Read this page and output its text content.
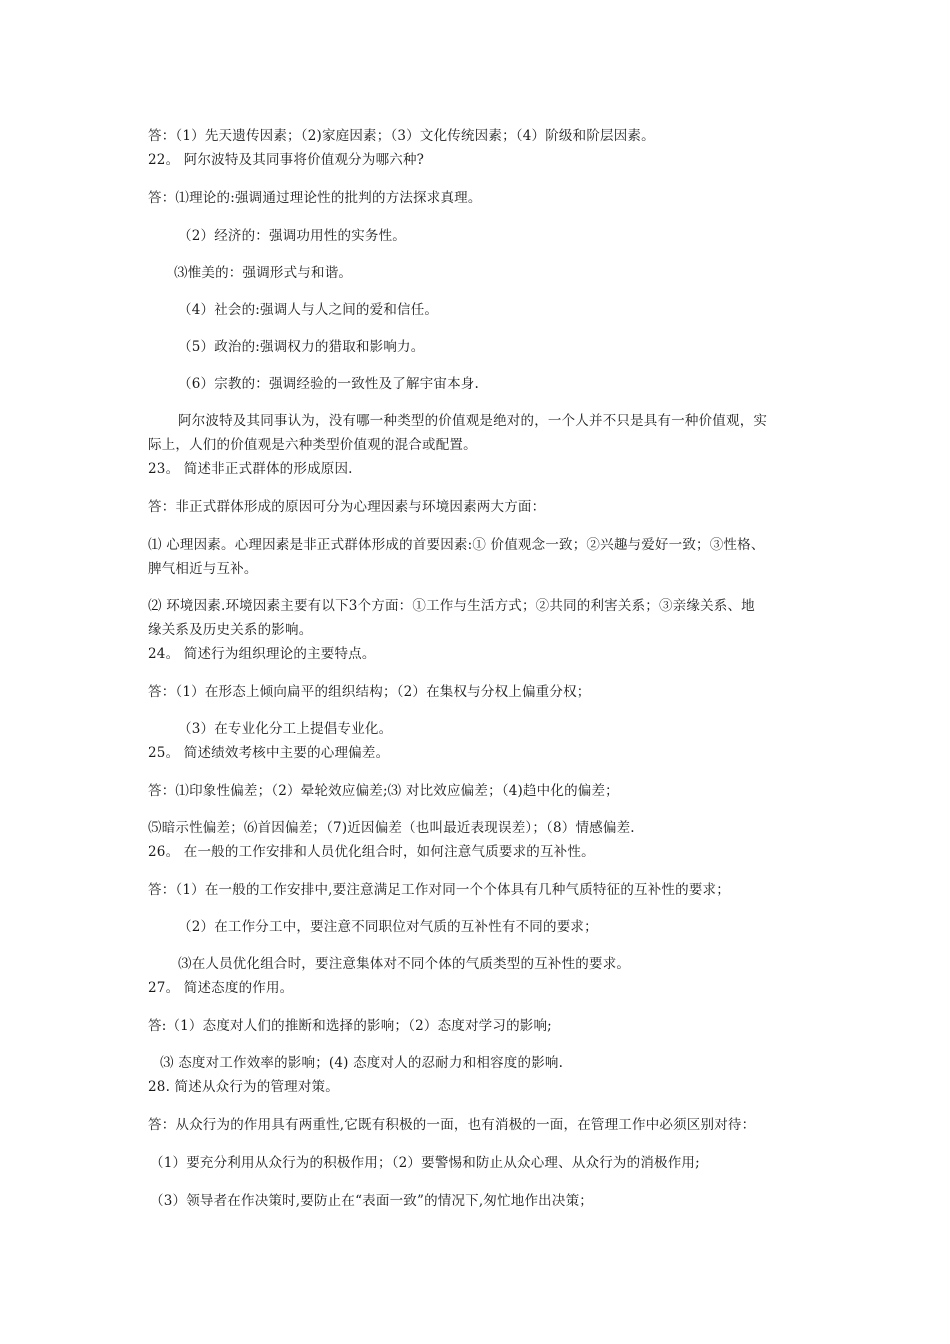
答：（1）先天遗传因素；（2)家庭因素；（3）文化传统因素；（4）阶级和阶层因素。
22。 阿尔波特及其同事将价值观分为哪六种?
答：⑴理论的:强调通过理论性的批判的方法探求真理。
（2）经济的：强调功用性的实务性。
⑶惟美的：强调形式与和谐。
（4）社会的:强调人与人之间的爱和信任。
（5）政治的:强调权力的猎取和影响力。
（6）宗教的：强调经验的一致性及了解宇宙本身.
阿尔波特及其同事认为，没有哪一种类型的价值观是绝对的，一个人并不只是具有一种价值观，实
际上，人们的价值观是六种类型价值观的混合或配置。
23。 简述非正式群体的形成原因.
答：非正式群体形成的原因可分为心理因素与环境因素两大方面：
⑴ 心理因素。心理因素是非正式群体形成的首要因素:① 价值观念一致；②兴趣与爱好一致；③性格、
脾气相近与互补。
⑵ 环境因素.环境因素主要有以下3个方面：①工作与生活方式；②共同的利害关系；③亲缘关系、地
缘关系及历史关系的影响。
24。 简述行为组织理论的主要特点。
答：（1）在形态上倾向扁平的组织结构；（2）在集权与分权上偏重分权；
（3）在专业化分工上提倡专业化。
25。 简述绩效考核中主要的心理偏差。
答：⑴印象性偏差；（2）晕轮效应偏差;⑶ 对比效应偏差；（4)趋中化的偏差；
⑸暗示性偏差；⑹首因偏差；（7)近因偏差（也叫最近表现误差）；（8）情感偏差.
26。 在一般的工作安排和人员优化组合时，如何注意气质要求的互补性。
答：（1）在一般的工作安排中,要注意满足工作对同一个个体具有几种气质特征的互补性的要求；
（2）在工作分工中，要注意不同职位对气质的互补性有不同的要求；
⑶在人员优化组合时，要注意集体对不同个体的气质类型的互补性的要求。
27。 简述态度的作用。
答:（1）态度对人们的推断和选择的影响；（2）态度对学习的影响;
⑶ 态度对工作效率的影响；(4) 态度对人的忍耐力和相容度的影响.
28. 简述从众行为的管理对策。
答：从众行为的作用具有两重性,它既有积极的一面，也有消极的一面，在管理工作中必须区别对待：
（1）要充分利用从众行为的积极作用；（2）要警惕和防止从众心理、从众行为的消极作用;
（3）领导者在作决策时,要防止在“表面一致”的情况下,匆忙地作出决策；
